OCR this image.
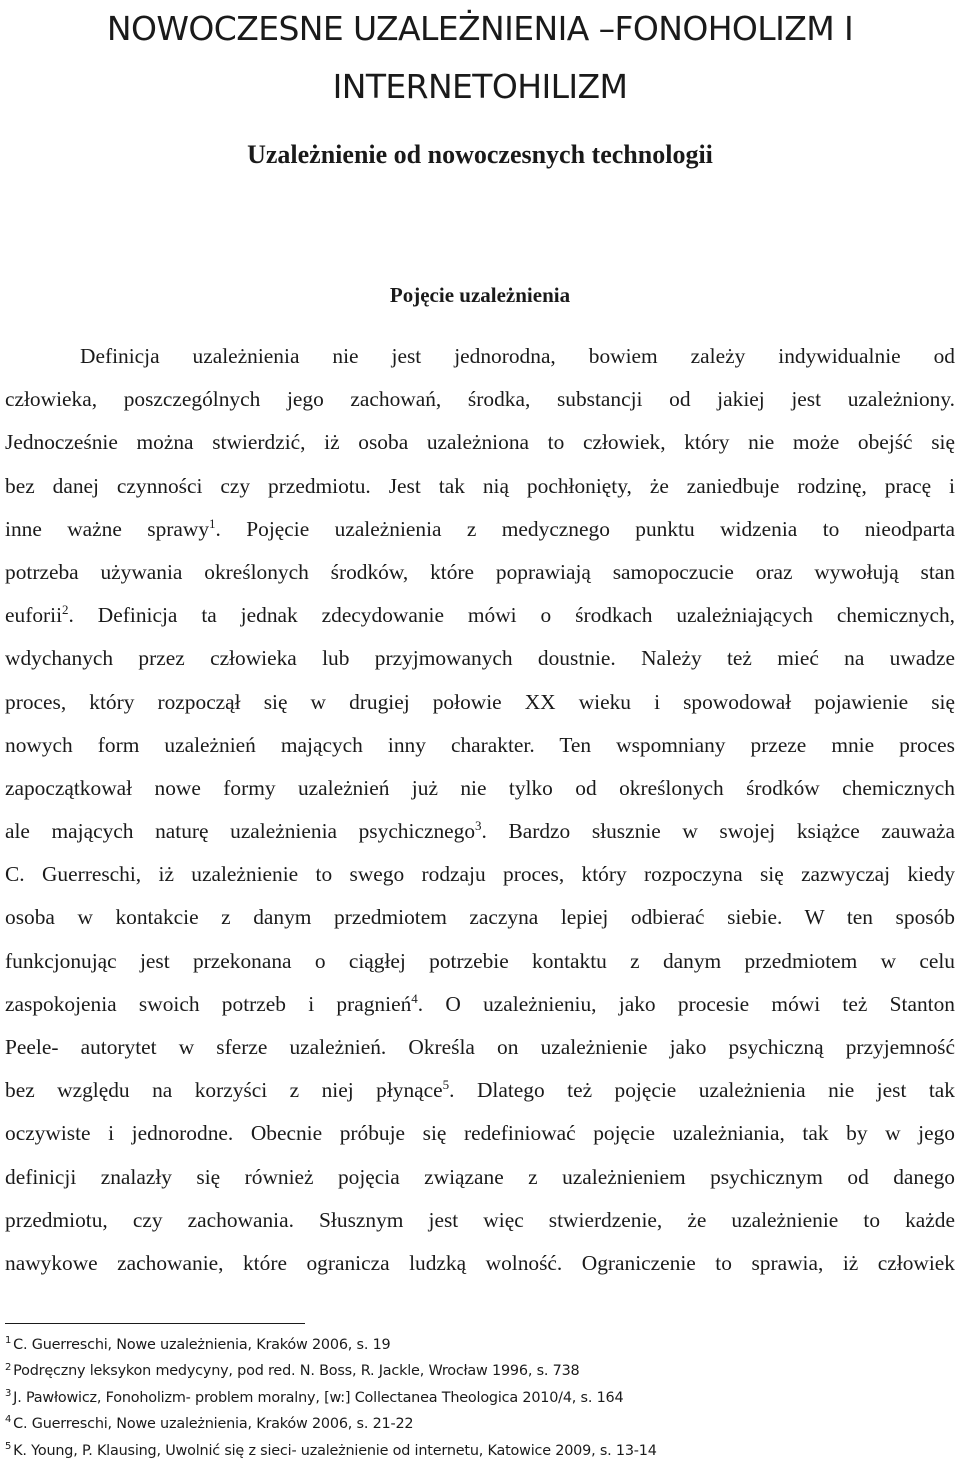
NOWOCZESNE UZALEŻNIENIA –FONOHOLIZM I
INTERNETOHILIZM
Uzależnienie od nowoczesnych technologii
Pojęcie uzależnienia
Definicja uzależnienia nie jest jednorodna, bowiem zależy indywidualnie od
człowieka, poszczególnych jego zachowań, środka, substancji od jakiej jest uzależniony.
Jednocześnie można stwierdzić, iż osoba uzależniona to człowiek, który nie może obejść się
bez danej czynności czy przedmiotu. Jest tak nią pochłonięty, że zaniedbuje rodzinę, pracę i
inne ważne sprawy$^1$. Pojęcie uzależnienia z medycznego punktu widzenia to nieodparta
potrzeba używania określonych środków, które poprawiają samopoczucie oraz wywołują stan
euforii$^2$. Definicja ta jednak zdecydowanie mówi o środkach uzależniających chemicznych,
wdychanych przez człowieka lub przyjmowanych doustnie. Należy też mieć na uwadze
proces, który rozpoczął się w drugiej połowie XX wieku i spowodował pojawienie się
nowych form uzależnień mających inny charakter. Ten wspomniany przeze mnie proces
zapoczątkował nowe formy uzależnień już nie tylko od określonych środków chemicznych
ale mających naturę uzależnienia psychicznego$^3$. Bardzo słusznie w swojej książce zauważa
C. Guerreschi, iż uzależnienie to swego rodzaju proces, który rozpoczyna się zazwyczaj kiedy
osoba w kontakcie z danym przedmiotem zaczyna lepiej odbierać siebie. W ten sposób
funkcjonując jest przekonana o ciągłej potrzebie kontaktu z danym przedmiotem w celu
zaspokojenia swoich potrzeb i pragnień$^4$. O uzależnieniu, jako procesie mówi też Stanton
Peele- autorytet w sferze uzależnień. Określa on uzależnienie jako psychiczną przyjemność
bez względu na korzyści z niej płynące$^5$. Dlatego też pojęcie uzależnienia nie jest tak
oczywiste i jednorodne. Obecnie próbuje się redefiniować pojęcie uzależniania, tak by w jego
definicji znalazły się również pojęcia związane z uzależnieniem psychicznym od danego
przedmiotu, czy zachowania. Słusznym jest więc stwierdzenie, że uzależnienie to każde
nawykowe zachowanie, które ogranicza ludzką wolność. Ograniczenie to sprawia, iż człowiek
$^1$ C. Guerreschi, Nowe uzależnienia, Kraków 2006, s. 19
$^2$ Podręczny leksykon medycyny, pod red. N. Boss, R. Jackle, Wrocław 1996, s. 738
$^3$ J. Pawłowicz, Fonoholizm- problem moralny, [w:] Collectanea Theologica 2010/4, s. 164
$^4$ C. Guerreschi, Nowe uzależnienia, Kraków 2006, s. 21-22
$^5$ K. Young, P. Klausing, Uwolnić się z sieci- uzależnienie od internetu, Katowice 2009, s. 13-14
